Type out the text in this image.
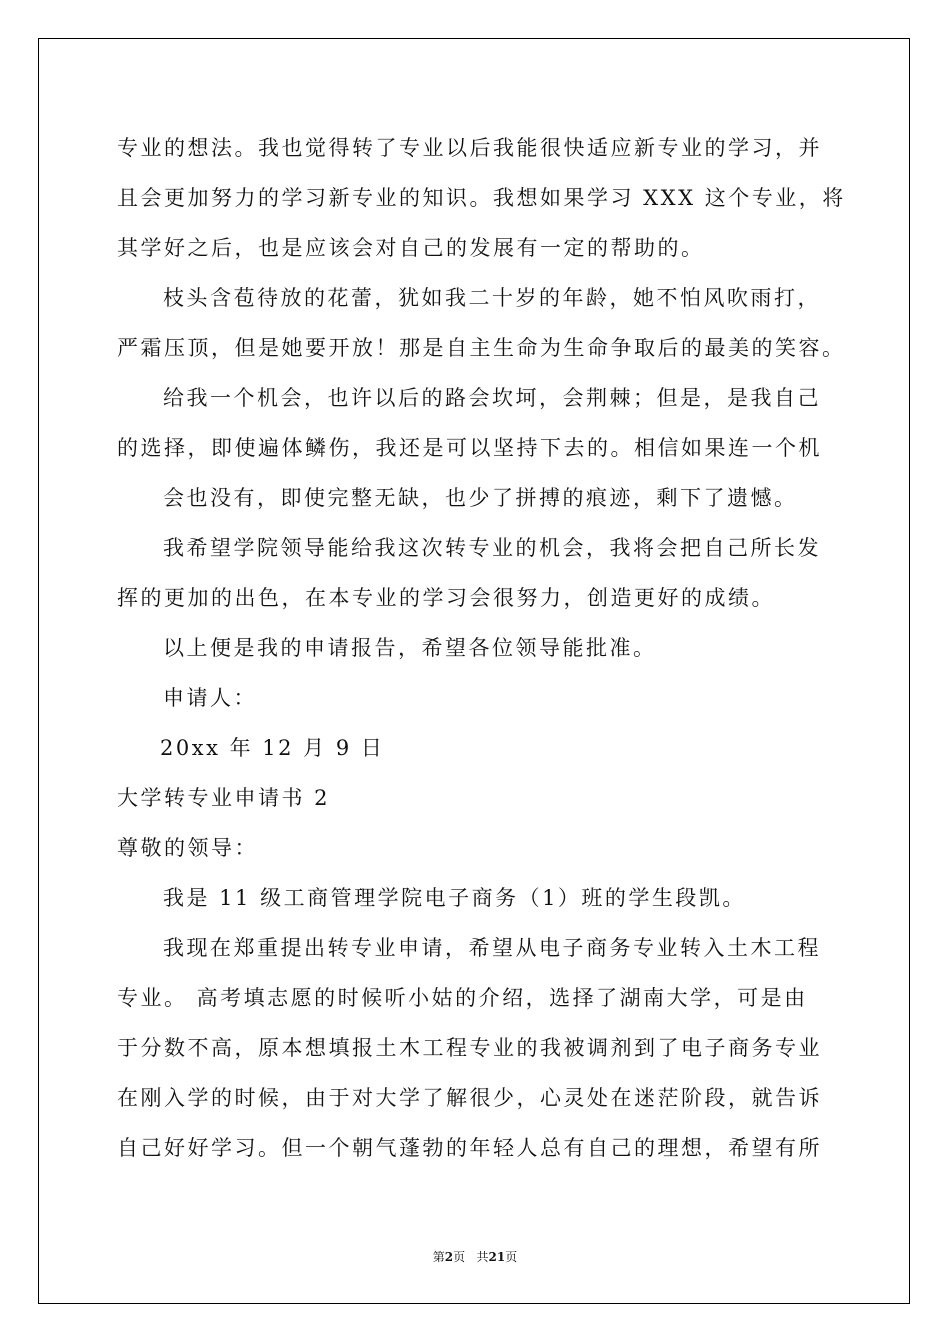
专业的想法。我也觉得转了专业以后我能很快适应新专业的学习，并

且会更加努力的学习新专业的知识。我想如果学习 XXX 这个专业，将

其学好之后，也是应该会对自己的发展有一定的帮助的。

枝头含苞待放的花蕾，犹如我二十岁的年龄，她不怕风吹雨打，

严霜压顶，但是她要开放！那是自主生命为生命争取后的最美的笑容。

给我一个机会，也许以后的路会坎坷，会荆棘；但是，是我自己

的选择，即使遍体鳞伤，我还是可以坚持下去的。相信如果连一个机

会也没有，即使完整无缺，也少了拼搏的痕迹，剩下了遗憾。

我希望学院领导能给我这次转专业的机会，我将会把自己所长发

挥的更加的出色，在本专业的学习会很努力，创造更好的成绩。

以上便是我的申请报告，希望各位领导能批准。

申请人：

20xx 年 12 月 9 日

大学转专业申请书 2

尊敬的领导：

我是 11 级工商管理学院电子商务（1）班的学生段凯。

我现在郑重提出转专业申请，希望从电子商务专业转入土木工程

专业。 高考填志愿的时候听小姑的介绍，选择了湖南大学，可是由

于分数不高，原本想填报土木工程专业的我被调剂到了电子商务专业

在刚入学的时候，由于对大学了解很少，心灵处在迷茫阶段，就告诉

自己好好学习。但一个朝气蓬勃的年轻人总有自己的理想，希望有所

第2页   共21页
